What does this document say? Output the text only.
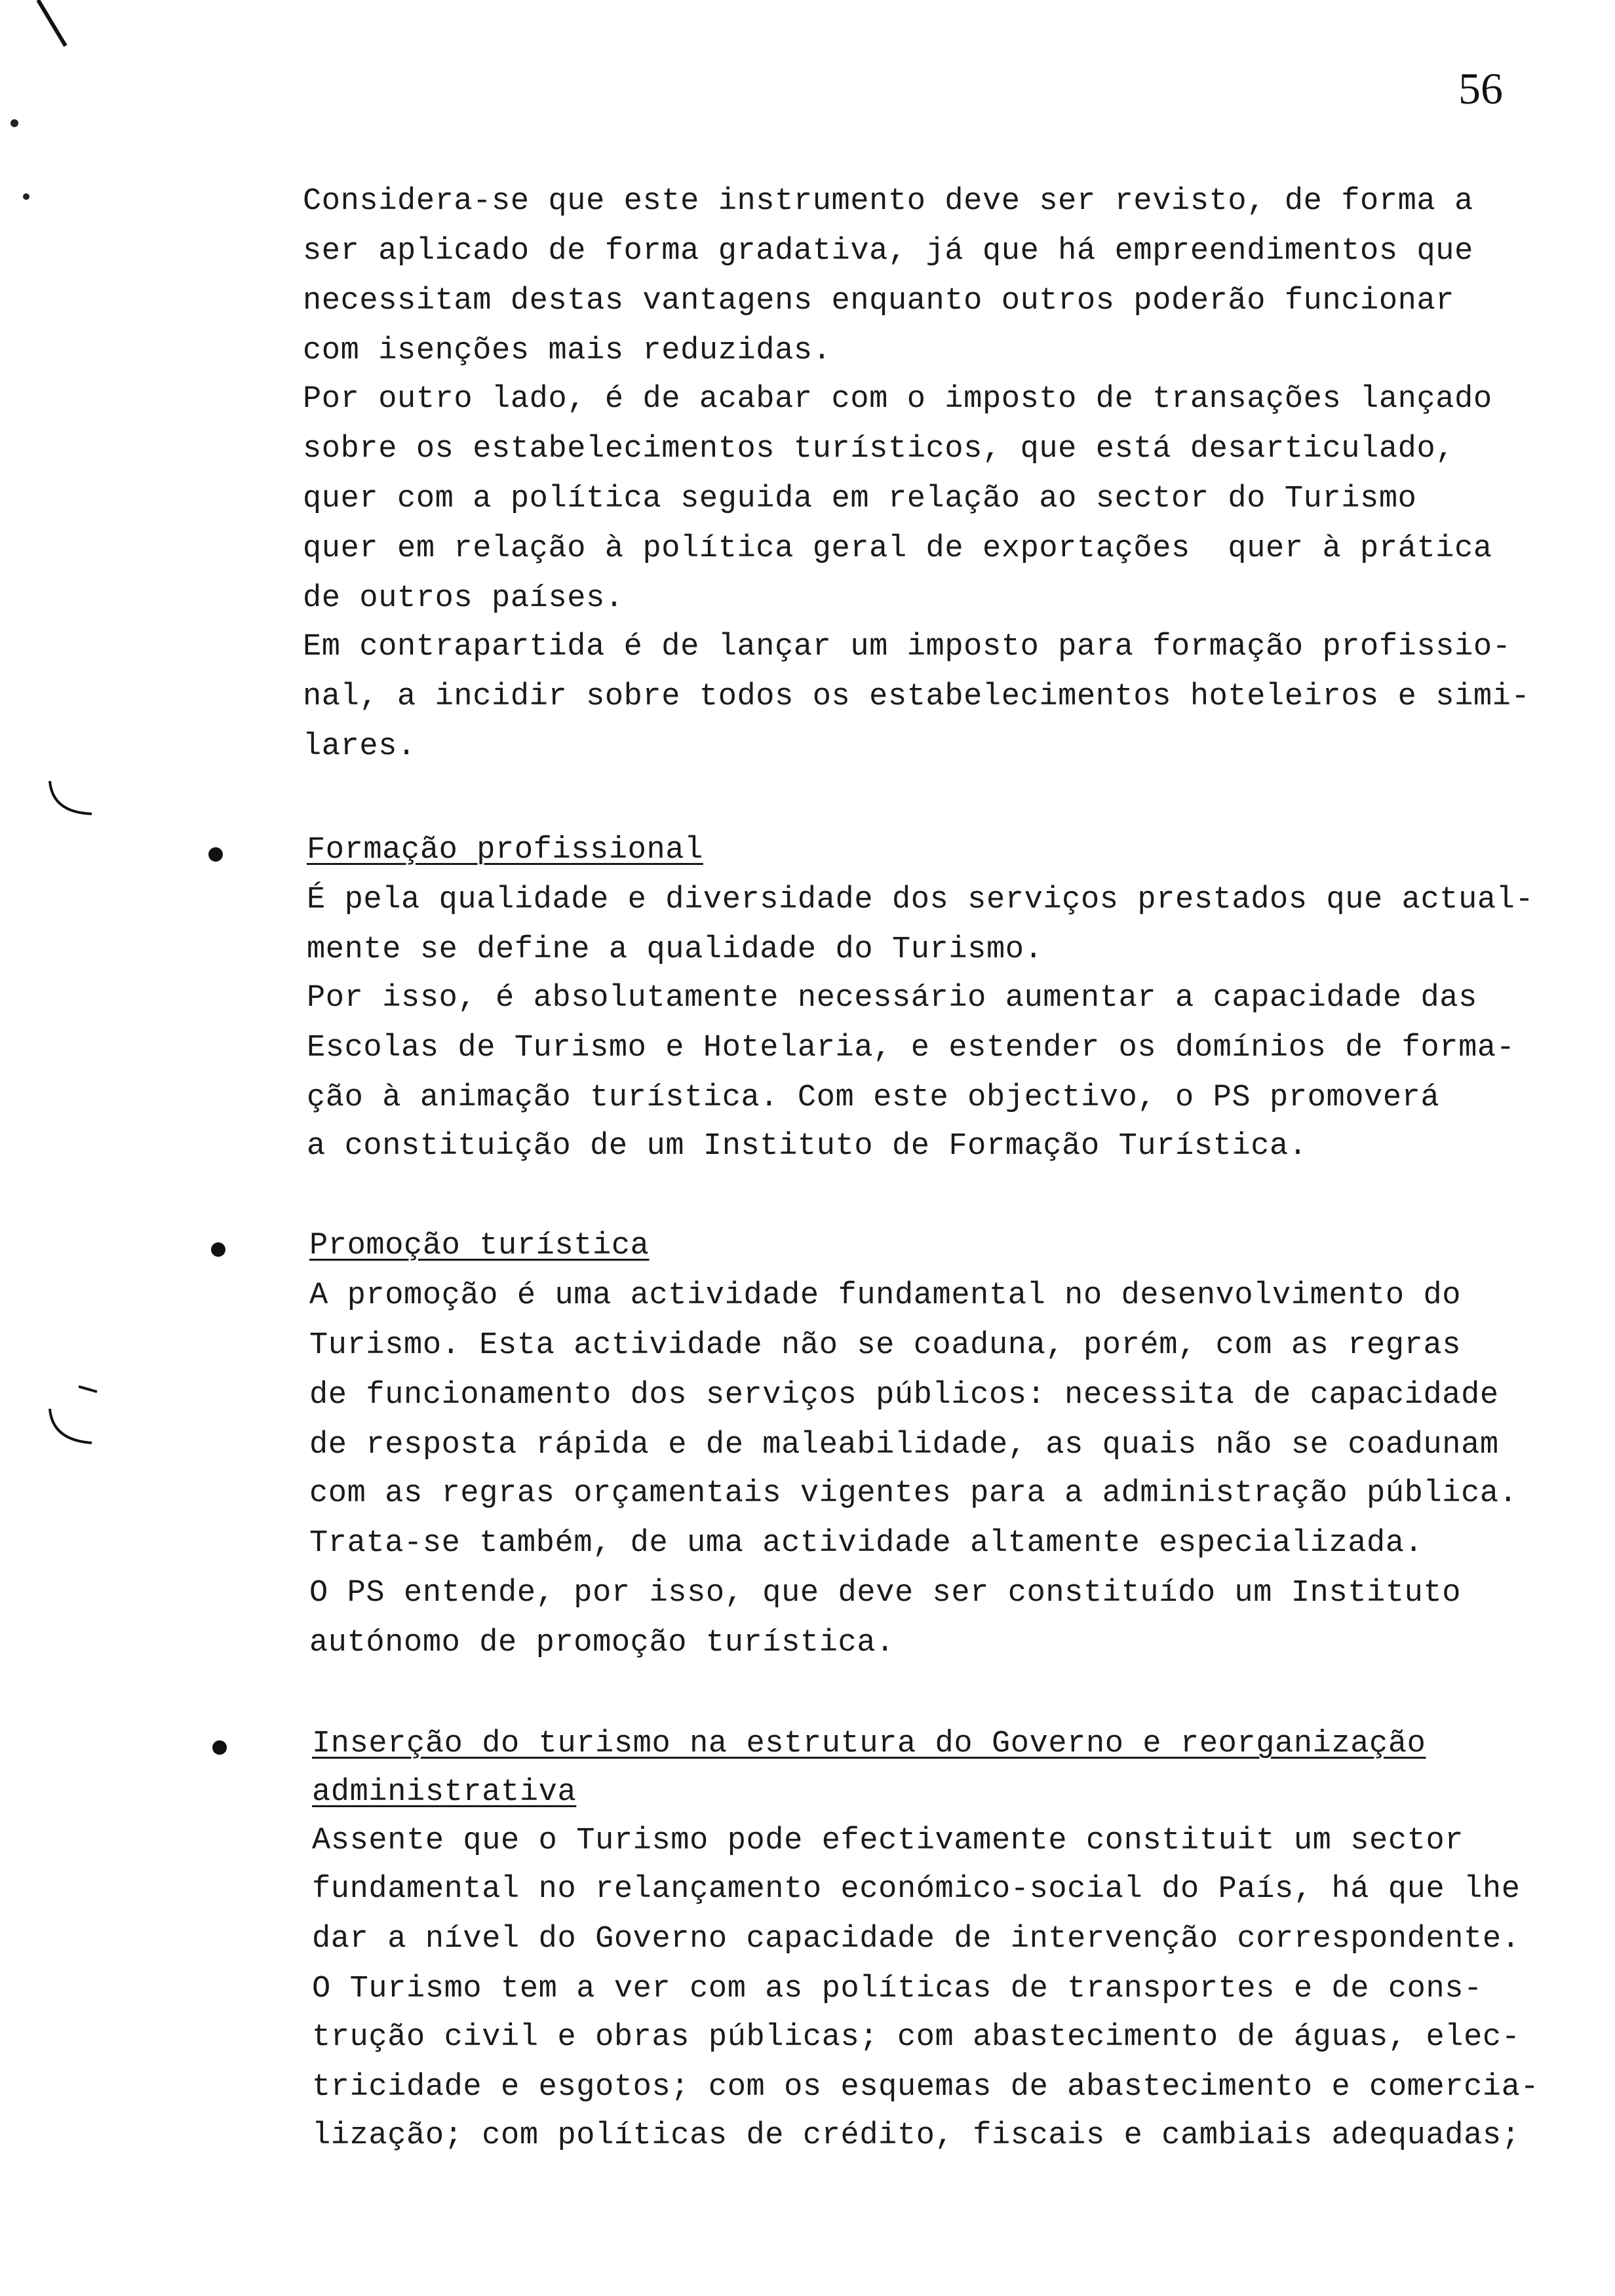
56
Considera-se que este instrumento deve ser revisto, de forma a
ser aplicado de forma gradativa, já que há empreendimentos que
necessitam destas vantagens enquanto outros poderão funcionar
com isenções mais reduzidas.
Por outro lado, é de acabar com o imposto de transações lançado
sobre os estabelecimentos turísticos, que está desarticulado,
quer com a política seguida em relação ao sector do Turismo
quer em relação à política geral de exportações  quer à prática
de outros países.
Em contrapartida é de lançar um imposto para formação profissio-
nal, a incidir sobre todos os estabelecimentos hoteleiros e simi-
lares.
Formação profissional
É pela qualidade e diversidade dos serviços prestados que actual-
mente se define a qualidade do Turismo.
Por isso, é absolutamente necessário aumentar a capacidade das
Escolas de Turismo e Hotelaria, e estender os domínios de forma-
ção à animação turística. Com este objectivo, o PS promoverá
a constituição de um Instituto de Formação Turística.
Promoção turística
A promoção é uma actividade fundamental no desenvolvimento do
Turismo. Esta actividade não se coaduna, porém, com as regras
de funcionamento dos serviços públicos: necessita de capacidade
de resposta rápida e de maleabilidade, as quais não se coadunam
com as regras orçamentais vigentes para a administração pública.
Trata-se também, de uma actividade altamente especializada.
O PS entende, por isso, que deve ser constituído um Instituto
autónomo de promoção turística.
Inserção do turismo na estrutura do Governo e reorganização
administrativa
Assente que o Turismo pode efectivamente constituit um sector
fundamental no relançamento económico-social do País, há que lhe
dar a nível do Governo capacidade de intervenção correspondente.
O Turismo tem a ver com as políticas de transportes e de cons-
trução civil e obras públicas; com abastecimento de águas, elec-
tricidade e esgotos; com os esquemas de abastecimento e comercia-
lização; com políticas de crédito, fiscais e cambiais adequadas;
